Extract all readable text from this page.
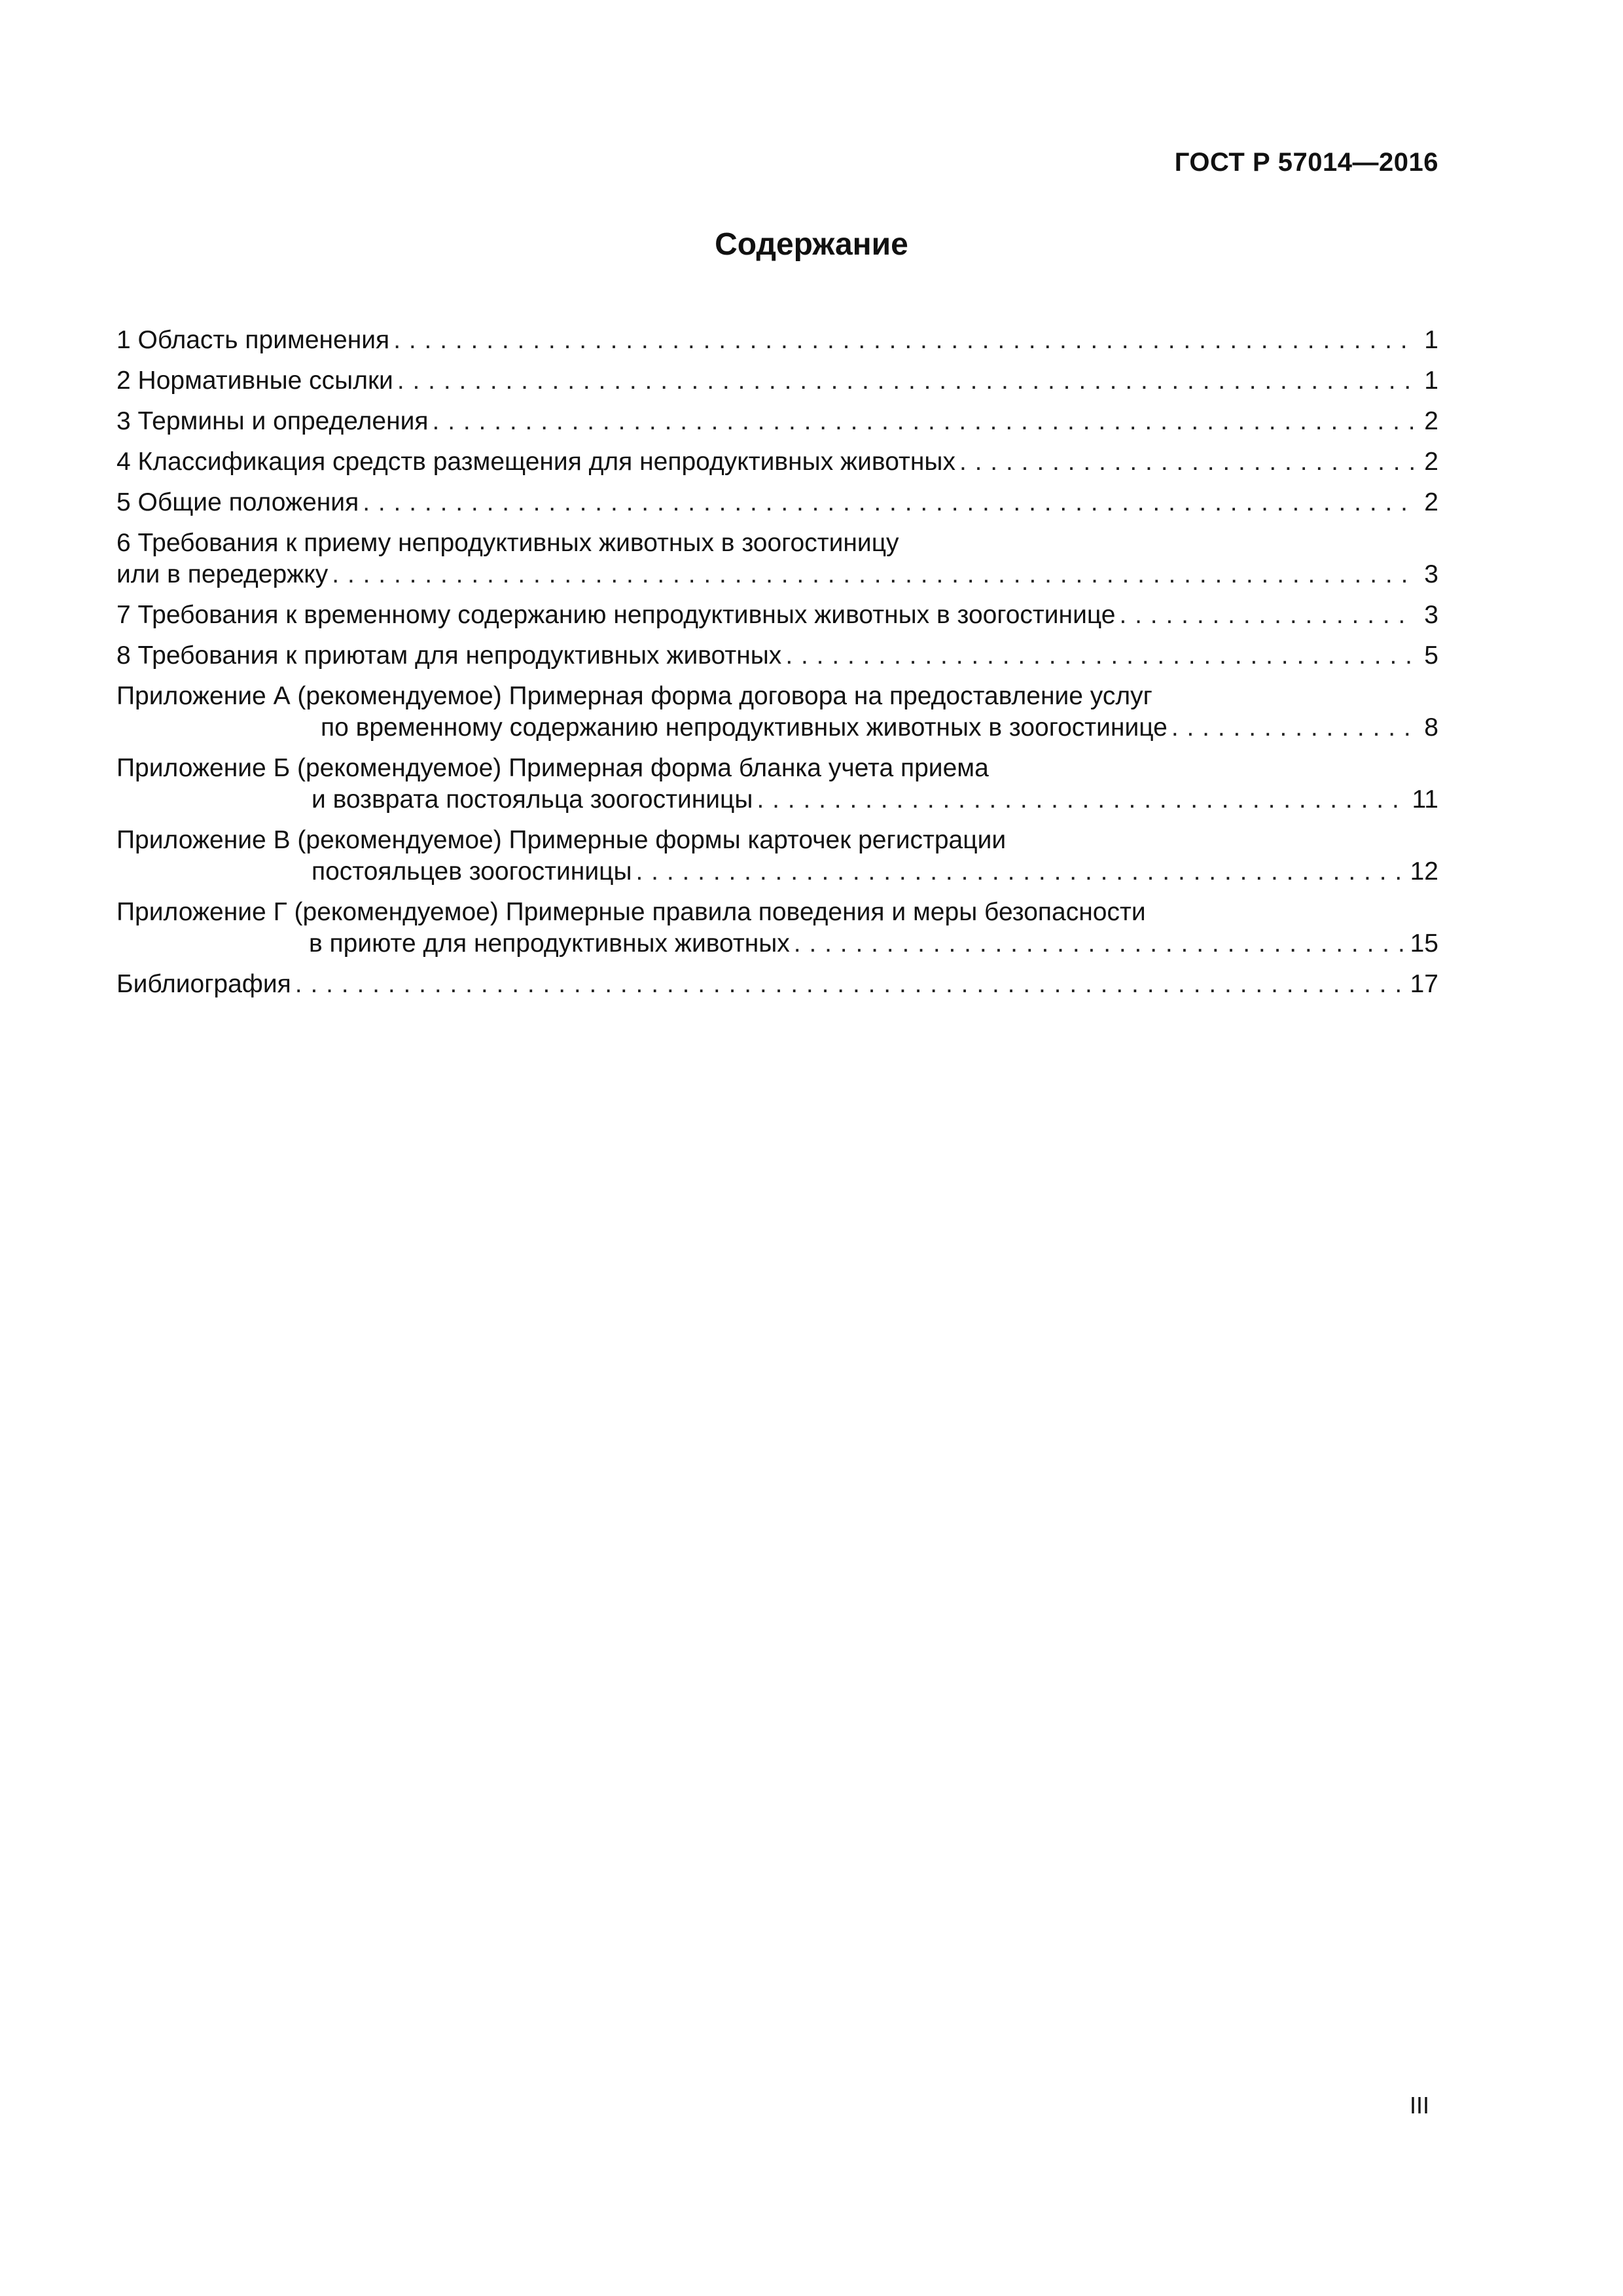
ГОСТ Р 57014—2016
Содержание
1 Область применения . . .	1
2 Нормативные ссылки . . .	1
3 Термины и определения . . .	2
4 Классификация средств размещения для непродуктивных животных . . .	2
5 Общие положения . . .	2
6 Требования к приему непродуктивных животных в зоогостиницу
или в передержку . . .	3
7 Требования к временному содержанию непродуктивных животных в зоогостинице . . .	3
8 Требования к приютам для непродуктивных животных . . .	5
Приложение А (рекомендуемое) Примерная форма договора на предоставление услуг
по временному содержанию непродуктивных животных в зоогостинице . . .	8
Приложение Б (рекомендуемое) Примерная форма бланка учета приема
и возврата постояльца зоогостиницы . . .	11
Приложение В (рекомендуемое) Примерные формы карточек регистрации
постояльцев зоогостиницы . . .	12
Приложение Г (рекомендуемое) Примерные правила поведения и меры безопасности
в приюте для непродуктивных животных . . .	15
Библиография . . .	17
III
